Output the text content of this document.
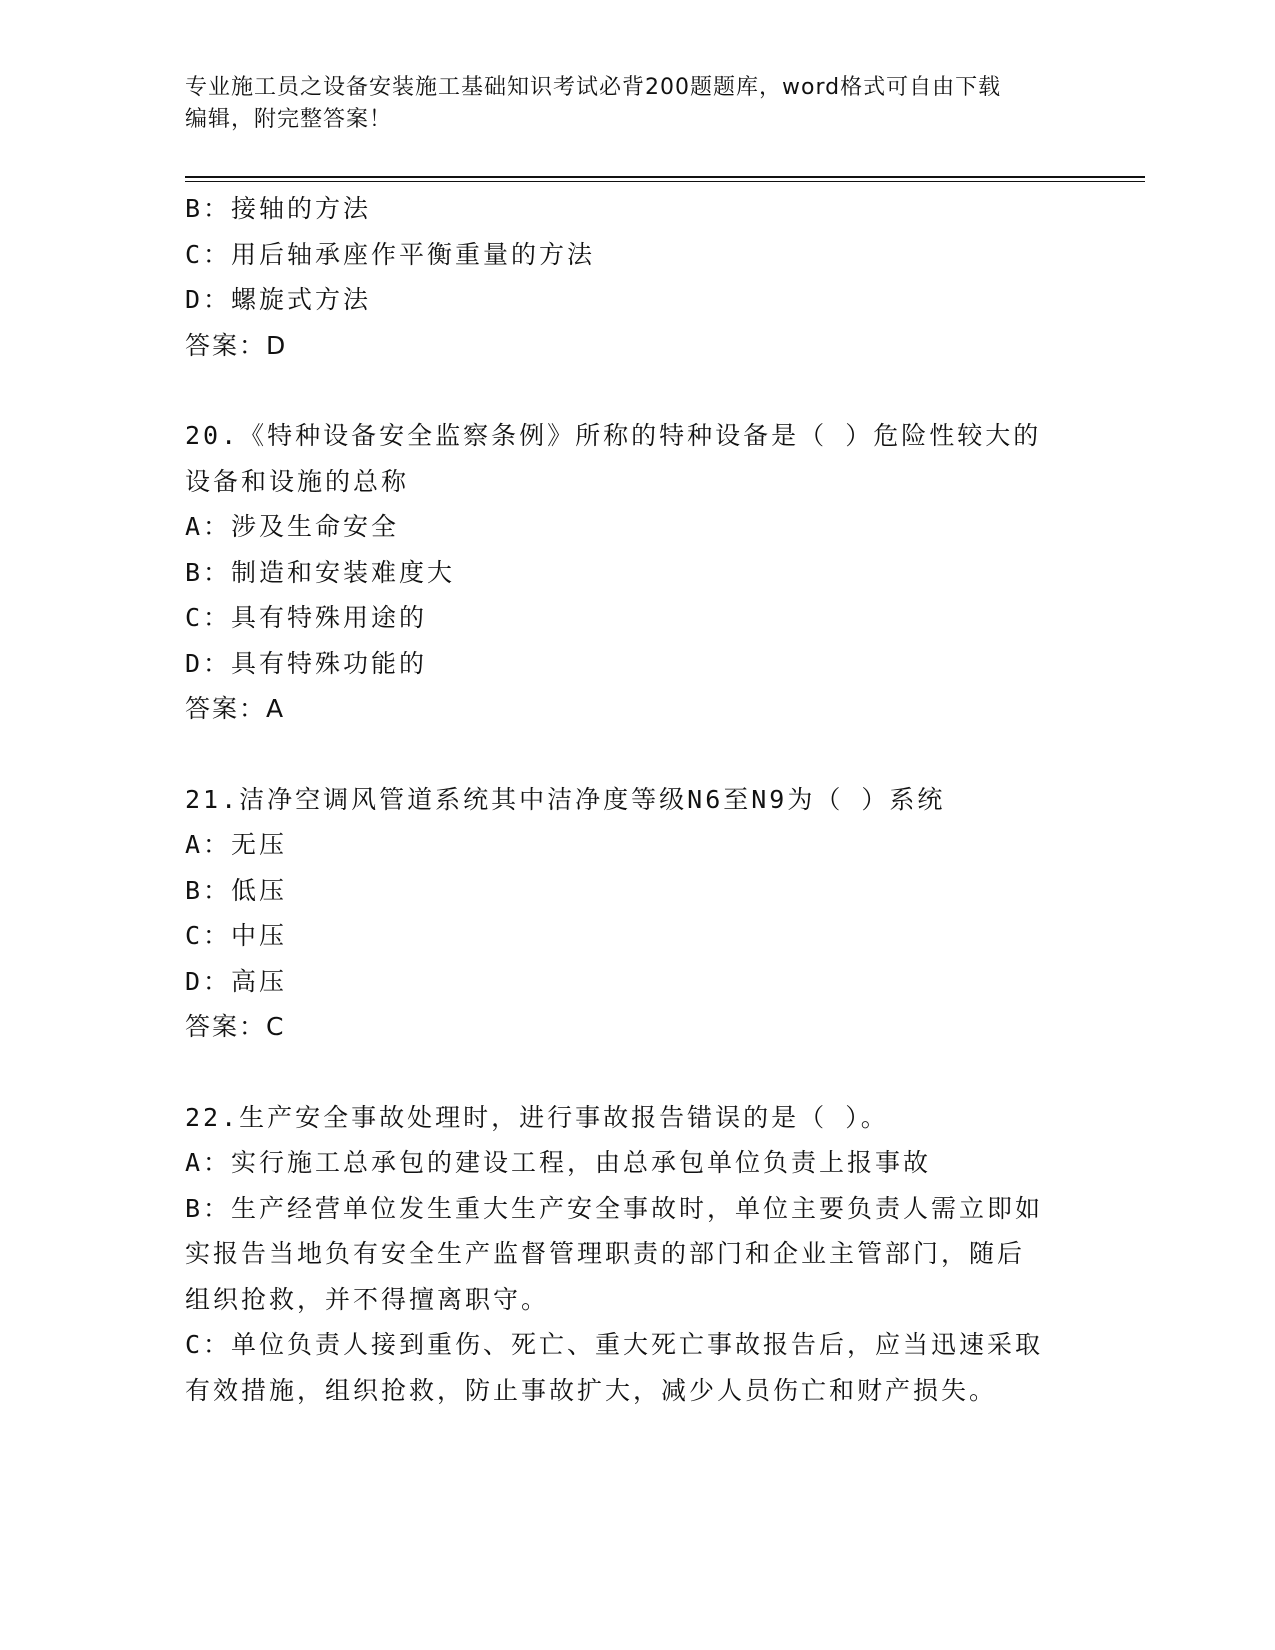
专业施工员之设备安装施工基础知识考试必背200题题库，word格式可自由下载
编辑，附完整答案！
B：接轴的方法
C：用后轴承座作平衡重量的方法
D：螺旋式方法
答案：D
20.《特种设备安全监察条例》所称的特种设备是（ ）危险性较大的
设备和设施的总称
A：涉及生命安全
B：制造和安装难度大
C：具有特殊用途的
D：具有特殊功能的
答案：A
21.洁净空调风管道系统其中洁净度等级N6至N9为（ ）系统
A：无压
B：低压
C：中压
D：高压
答案：C
22.生产安全事故处理时，进行事故报告错误的是（ ）。
A：实行施工总承包的建设工程，由总承包单位负责上报事故
B：生产经营单位发生重大生产安全事故时，单位主要负责人需立即如
实报告当地负有安全生产监督管理职责的部门和企业主管部门，随后
组织抢救，并不得擅离职守。
C：单位负责人接到重伤、死亡、重大死亡事故报告后，应当迅速采取
有效措施，组织抢救，防止事故扩大，减少人员伤亡和财产损失。
